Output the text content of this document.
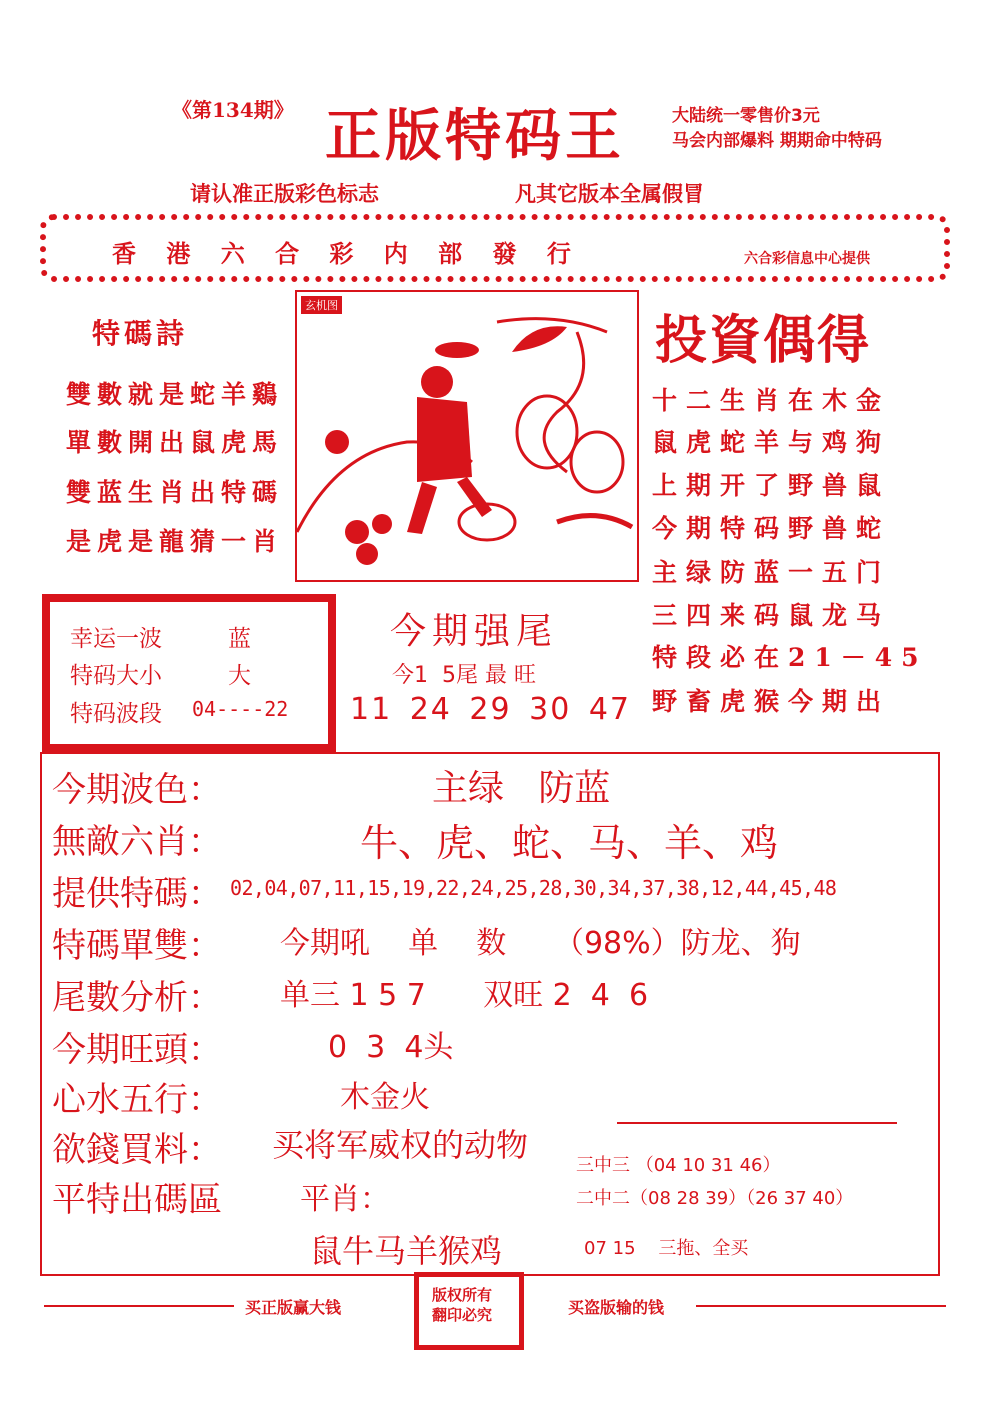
《第134期》 正版特码王	大陆统一零售价3元
马会内部爆料 期期命中特码
请认准正版彩色标志	凡其它版本全属假冒
香 港 六 合 彩 内 部 發 行	六合彩信息中心提供
特碼詩
雙數就是蛇羊鷄
單數開出鼠虎馬
雙蓝生肖出特碼
是虎是龍猜一肖
玄机图
投資偶得
十二生肖在木金
鼠虎蛇羊与鸡狗
上期开了野兽鼠
今期特码野兽蛇
主绿防蓝一五门
三四来码鼠龙马
特段必在21－45
野畜虎猴今期出
幸运一波	蓝
特码大小	大
特码波段 04----22
今期强尾
今1  5尾 最 旺
11 24 29 30 47
今期波色：	主绿   防蓝
無敵六肖：	牛、虎、蛇、马、羊、鸡
提供特碼： 02,04,07,11,15,19,22,24,25,28,30,34,37,38,12,44,45,48
特碼單雙： 今期吼    单    数     （98%）防龙、狗
尾數分析： 单三 1 5 7      双旺 2  4  6
今期旺頭：	0  3  4头
心水五行：	木金火
欲錢買料： 买将军威权的动物
平特出碼區	平肖：
鼠牛马羊猴鸡
三中三 （04 10 31 46）
二中二（08 28 39）（26 37 40）
07 15    三拖、全买
买正版赢大钱
版权所有
翻印必究	买盗版输的钱
